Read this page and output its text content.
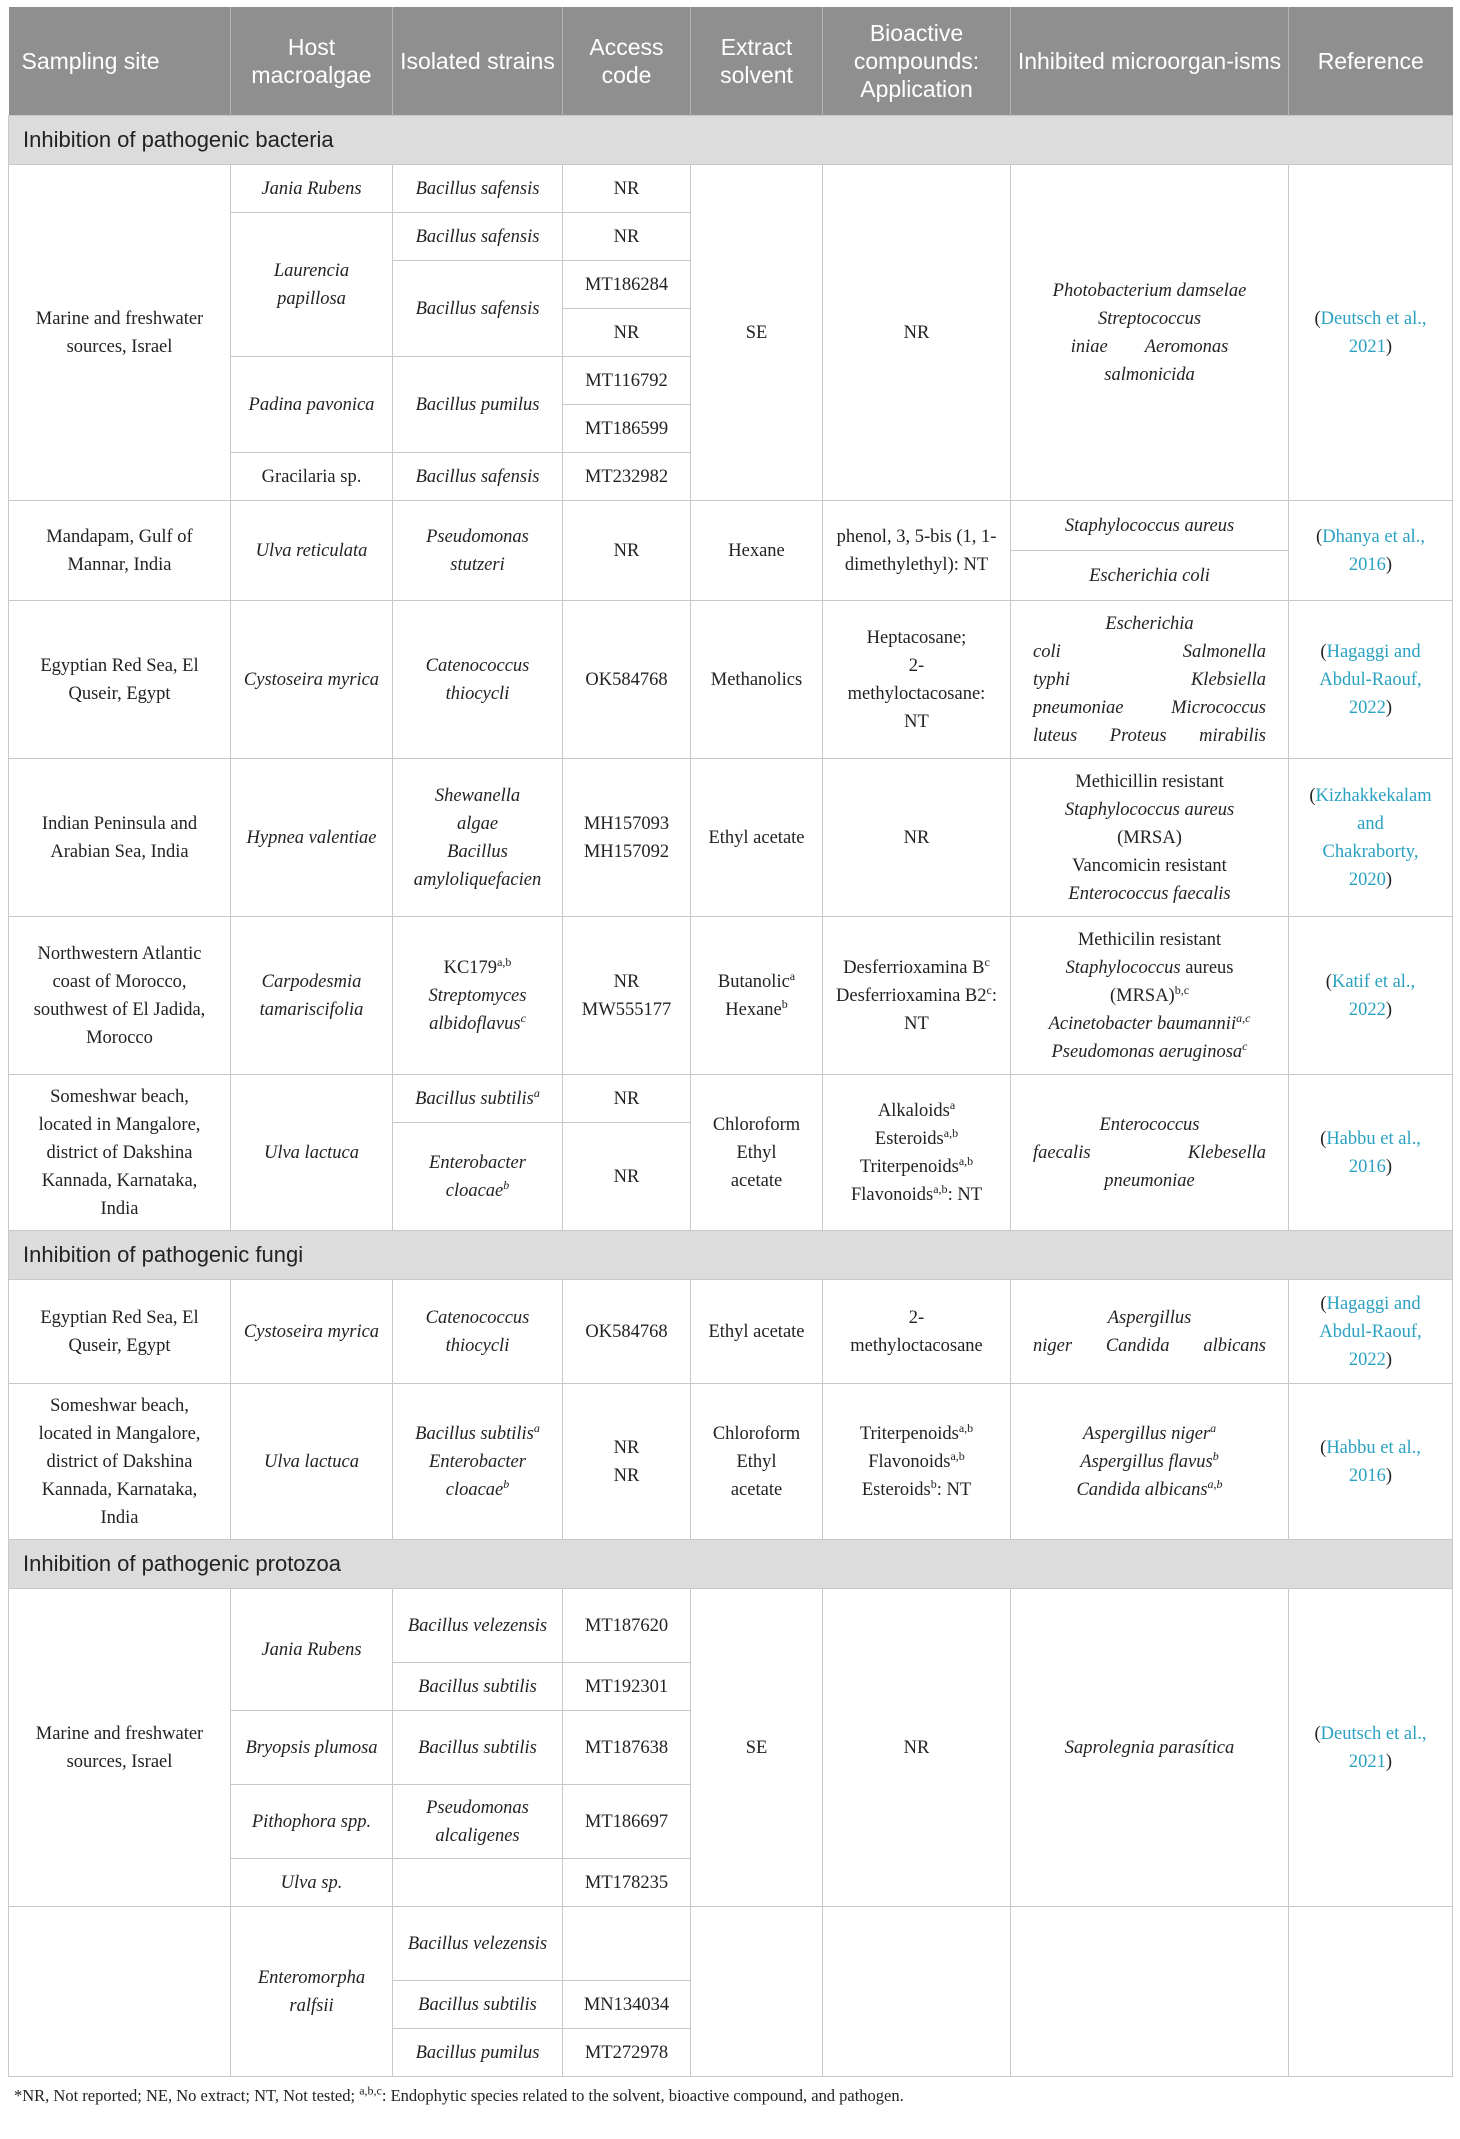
Sampling site	Host macroalgae	Isolated strains	Access code	Extract solvent	Bioactive compounds: Application	Inhibited microorgan-isms	Reference
Inhibition of pathogenic bacteria							
Marine and freshwater sources, Israel	Jania Rubens	Bacillus safensis	NR	SE	NR	Photobacterium damselae
Streptococcus
iniae Aeromonas
salmonicida	(Deutsch et al.,
2021)

	Laurencia papillosa	Bacillus safensis	NR				
		Bacillus safensis	MT186284				
			NR				
	Padina pavonica	Bacillus pumilus	MT116792				
			MT186599				
	Gracilaria sp.	Bacillus safensis	MT232982				
Mandapam, Gulf of Mannar, India	Ulva reticulata	Pseudomonas stutzeri	NR	Hexane	phenol, 3, 5-bis (1, 1-dimethylethyl): NT	Staphylococcus aureus	(Dhanya et al.,
2016)

						Escherichia coli	
Egyptian Red Sea, El Quseir, Egypt	Cystoseira myrica	Catenococcus thiocycli	OK584768	Methanolics	Heptacosane;
2-
methyloctacosane:
NT	Escherichia
coli Salmonella
typhi Klebsiella
pneumoniae Micrococcus
luteus Proteus mirabilis	(Hagaggi and
Abdul-Raouf,
2022)

Indian Peninsula and Arabian Sea, India	Hypnea valentiae	Shewanella
algae
Bacillus
amyloliquefacien	MH157093
MH157092	Ethyl acetate	NR	Methicillin resistant
Staphylococcus aureus
(MRSA)
Vancomicin resistant
Enterococcus faecalis	(Kizhakkekalam
and
Chakraborty,
2020)

Northwestern Atlantic coast of Morocco, southwest of El Jadida, Morocco	Carpodesmia tamariscifolia	KC179$^{a,b}$
Streptomyces albidoflavus$^c$	NR
MW555177	Butanolic$^a$
Hexane$^b$	Desferrioxamina $B^c$
Desferrioxamina B2$^c$: NT	Methicilin resistant
Staphylococcus aureus
(MRSA)$^{b,c}$
Acinetobacter baumannii$^{a,c}$
Pseudomonas aeruginosa$^c$	(Katif et al.,
2022)

Someshwar beach, located in Mangalore, district of Dakshina Kannada, Karnataka, India	Ulva lactuca	Bacillus subtilis$^a$	NR	Chloroform
Ethyl
acetate	Alkaloids$^a$
Esteroids$^{a,b}$
Triterpenoids$^{a,b}$
Flavonoids$^{a,b}$: NT	Enterococcus
faecalis Klebesella
pneumoniae	(Habbu et al.,
2016)

		Enterobacter cloacae$^b$	NR				
Inhibition of pathogenic fungi							
Egyptian Red Sea, El Quseir, Egypt	Cystoseira myrica	Catenococcus thiocycli	OK584768	Ethyl acetate	2-
methyloctacosane	Aspergillus
niger Candida albicans	(Hagaggi and
Abdul-Raouf,
2022)

Someshwar beach, located in Mangalore, district of Dakshina Kannada, Karnataka, India	Ulva lactuca	Bacillus subtilis$^a$
Enterobacter cloacae$^b$	NR
NR	Chloroform
Ethyl
acetate	Triterpenoids$^{a,b}$
Flavonoids$^{a,b}$
Esteroids$^b$: NT	Aspergillus niger$^a$
Aspergillus flavus$^b$
Candida albicans$^{a,b}$	(Habbu et al.,
2016)

Inhibition of pathogenic protozoa							
Marine and freshwater sources, Israel	Jania Rubens	Bacillus velezensis	MT187620	SE	NR	Saprolegnia parasítica	(Deutsch et al.,
2021)

		Bacillus subtilis	MT192301				
	Bryopsis plumosa	Bacillus subtilis	MT187638				
	Pithophora spp.	Pseudomonas alcaligenes	MT186697				
	Ulva sp.		MT178235				
	Enteromorpha ralfsii	Bacillus velezensis					
		Bacillus subtilis	MN134034				
		Bacillus pumilus	MT272978				
*NR, Not reported; NE, No extract; NT, Not tested; $^{a,b,c}$: Endophytic species related to the solvent, bioactive compound, and pathogen.
